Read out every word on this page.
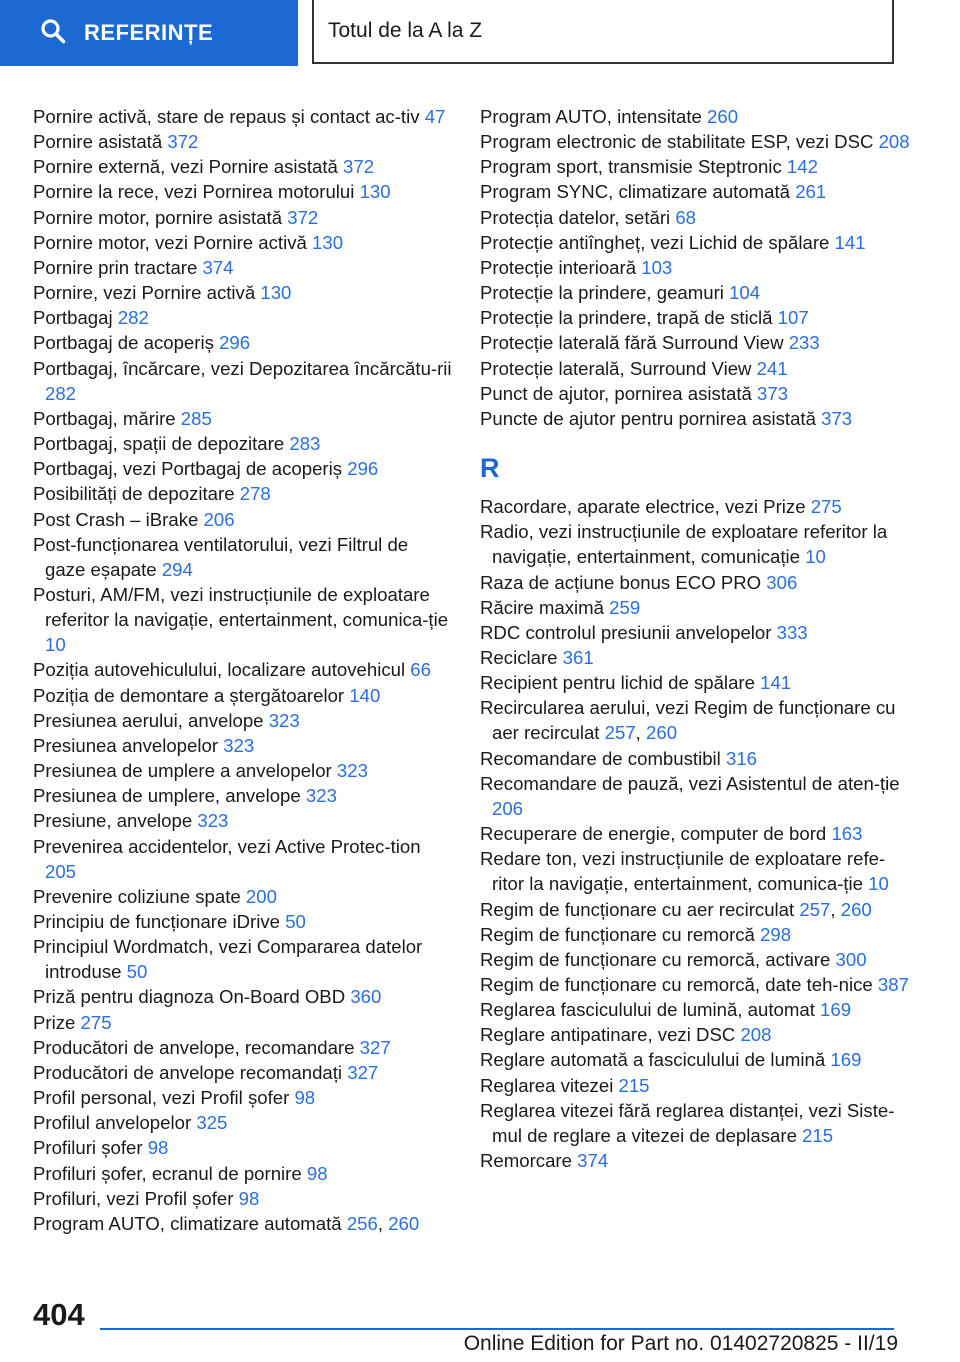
REFERINȚE	Totul de la A la Z

Pornire activă, stare de repaus și contact ac‐tiv 47

Pornire asistată 372

Pornire externă, vezi Pornire asistată 372

Pornire la rece, vezi Pornirea motorului 130

Pornire motor, pornire asistată 372

Pornire motor, vezi Pornire activă 130

Pornire prin tractare 374

Pornire, vezi Pornire activă 130

Portbagaj 282

Portbagaj de acoperiș 296

Portbagaj, încărcare, vezi Depozitarea încărcătu‐rii 282

Portbagaj, mărire 285

Portbagaj, spații de depozitare 283

Portbagaj, vezi Portbagaj de acoperiș 296

Posibilități de depozitare 278

Post Crash – iBrake 206

Post-funcționarea ventilatorului, vezi Filtrul de gaze eșapate 294

Posturi, AM/FM, vezi instrucțiunile de exploatare referitor la navigație, entertainment, comunica‐ție 10

Poziția autovehiculului, localizare autovehicul 66

Poziția de demontare a ștergătoarelor 140

Presiunea aerului, anvelope 323

Presiunea anvelopelor 323

Presiunea de umplere a anvelopelor 323

Presiunea de umplere, anvelope 323

Presiune, anvelope 323

Prevenirea accidentelor, vezi Active Protec‐tion 205

Prevenire coliziune spate 200

Principiu de funcționare iDrive 50

Principiul Wordmatch, vezi Compararea datelor introduse 50

Priză pentru diagnoza On-Board OBD 360

Prize 275

Producători de anvelope, recomandare 327

Producători de anvelope recomandați 327

Profil personal, vezi Profil șofer 98

Profilul anvelopelor 325

Profiluri șofer 98

Profiluri șofer, ecranul de pornire 98

Profiluri, vezi Profil șofer 98

Program AUTO, climatizare automată 256, 260

Program AUTO, intensitate 260

Program electronic de stabilitate ESP, vezi DSC 208

Program sport, transmisie Steptronic 142

Program SYNC, climatizare automată 261

Protecția datelor, setări 68

Protecție antiîngheț, vezi Lichid de spălare 141

Protecție interioară 103

Protecție la prindere, geamuri 104

Protecție la prindere, trapă de sticlă 107

Protecție laterală fără Surround View 233

Protecție laterală, Surround View 241

Punct de ajutor, pornirea asistată 373

Puncte de ajutor pentru pornirea asistată 373

R

Racordare, aparate electrice, vezi Prize 275

Radio, vezi instrucțiunile de exploatare referitor la navigație, entertainment, comunicație 10

Raza de acțiune bonus ECO PRO 306

Răcire maximă 259

RDC controlul presiunii anvelopelor 333

Reciclare 361

Recipient pentru lichid de spălare 141

Recircularea aerului, vezi Regim de funcționare cu aer recirculat 257, 260

Recomandare de combustibil 316

Recomandare de pauză, vezi Asistentul de aten‐ție 206

Recuperare de energie, computer de bord 163

Redare ton, vezi instrucțiunile de exploatare refe‐ritor la navigație, entertainment, comunica‐ție 10

Regim de funcționare cu aer recirculat 257, 260

Regim de funcționare cu remorcă 298

Regim de funcționare cu remorcă, activare 300

Regim de funcționare cu remorcă, date teh‐nice 387

Reglarea fasciculului de lumină, automat 169

Reglare antipatinare, vezi DSC 208

Reglare automată a fasciculului de lumină 169

Reglarea vitezei 215

Reglarea vitezei fără reglarea distanței, vezi Siste‐mul de reglare a vitezei de deplasare 215

Remorcare 374

404
Online Edition for Part no. 01402720825 - II/19
